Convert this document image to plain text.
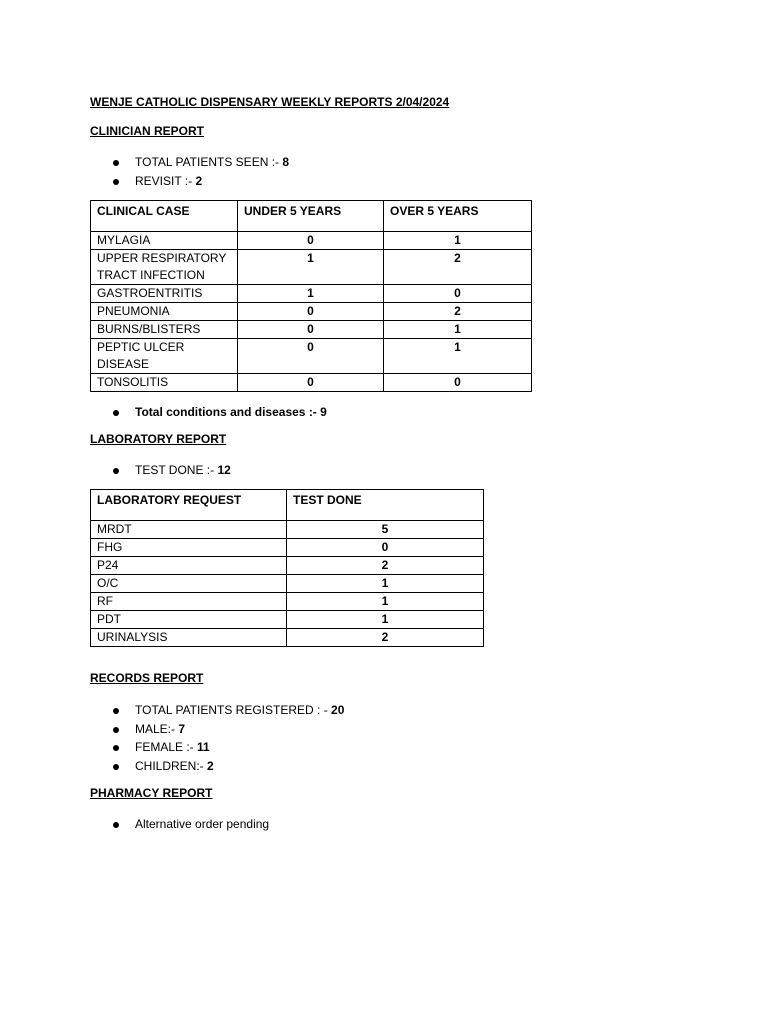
WENJE CATHOLIC DISPENSARY WEEKLY REPORTS 2/04/2024
CLINICIAN REPORT
TOTAL PATIENTS SEEN :- 8
REVISIT :- 2
CLINICAL CASE	UNDER 5 YEARS	OVER 5 YEARS
MYLAGIA	0	1
UPPER RESPIRATORY TRACT INFECTION	1	2
GASTROENTRITIS	1	0
PNEUMONIA	0	2
BURNS/BLISTERS	0	1
PEPTIC ULCER DISEASE	0	1
TONSOLITIS	0	0
Total conditions and diseases :- 9
LABORATORY REPORT
TEST DONE :- 12
LABORATORY REQUEST	TEST DONE
MRDT	5
FHG	0
P24	2
O/C	1
RF	1
PDT	1
URINALYSIS	2
RECORDS REPORT
TOTAL PATIENTS REGISTERED : - 20
MALE:- 7
FEMALE :- 11
CHILDREN:- 2
PHARMACY REPORT
Alternative order pending
